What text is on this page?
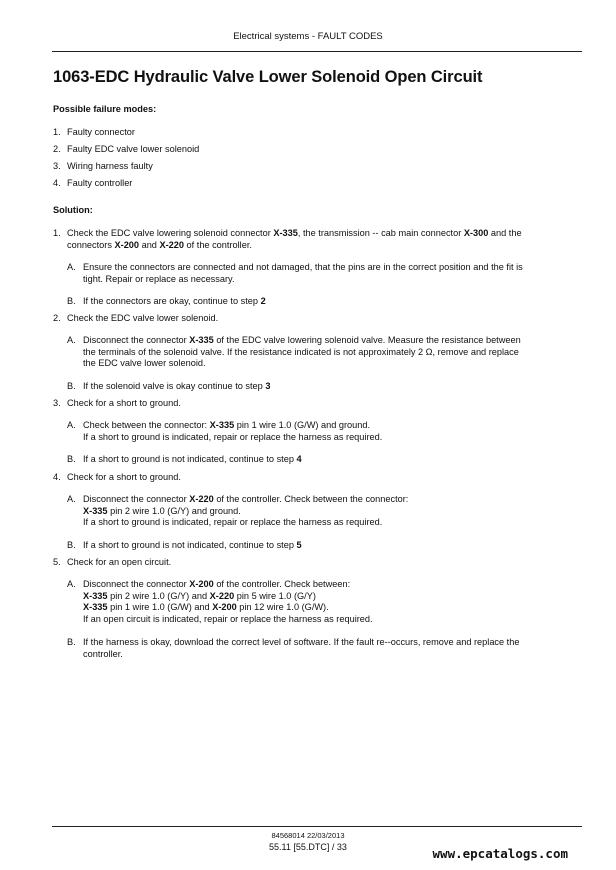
Electrical systems - FAULT CODES
1063-EDC Hydraulic Valve Lower Solenoid Open Circuit
Possible failure modes:
1. Faulty connector
2. Faulty EDC valve lower solenoid
3. Wiring harness faulty
4. Faulty controller
Solution:
1. Check the EDC valve lowering solenoid connector X-335, the transmission -- cab main connector X-300 and the
connectors X-200 and X-220 of the controller.
A. Ensure the connectors are connected and not damaged, that the pins are in the correct position and the fit is
tight. Repair or replace as necessary.
B. If the connectors are okay, continue to step 2
2. Check the EDC valve lower solenoid.
A. Disconnect the connector X-335 of the EDC valve lowering solenoid valve. Measure the resistance between
the terminals of the solenoid valve. If the resistance indicated is not approximately 2 Ω, remove and replace
the EDC valve lower solenoid.
B. If the solenoid valve is okay continue to step 3
3. Check for a short to ground.
A. Check between the connector: X-335 pin 1 wire 1.0 (G/W) and ground.
If a short to ground is indicated, repair or replace the harness as required.
B. If a short to ground is not indicated, continue to step 4
4. Check for a short to ground.
A. Disconnect the connector X-220 of the controller. Check between the connector:
X-335 pin 2 wire 1.0 (G/Y) and ground.
If a short to ground is indicated, repair or replace the harness as required.
B. If a short to ground is not indicated, continue to step 5
5. Check for an open circuit.
A. Disconnect the connector X-200 of the controller. Check between:
X-335 pin 2 wire 1.0 (G/Y) and X-220 pin 5 wire 1.0 (G/Y)
X-335 pin 1 wire 1.0 (G/W) and X-200 pin 12 wire 1.0 (G/W).
If an open circuit is indicated, repair or replace the harness as required.
B. If the harness is okay, download the correct level of software. If the fault re--occurs, remove and replace the
controller.
84568014 22/03/2013
55.11 [55.DTC] / 33	www.epcatalogs.com
